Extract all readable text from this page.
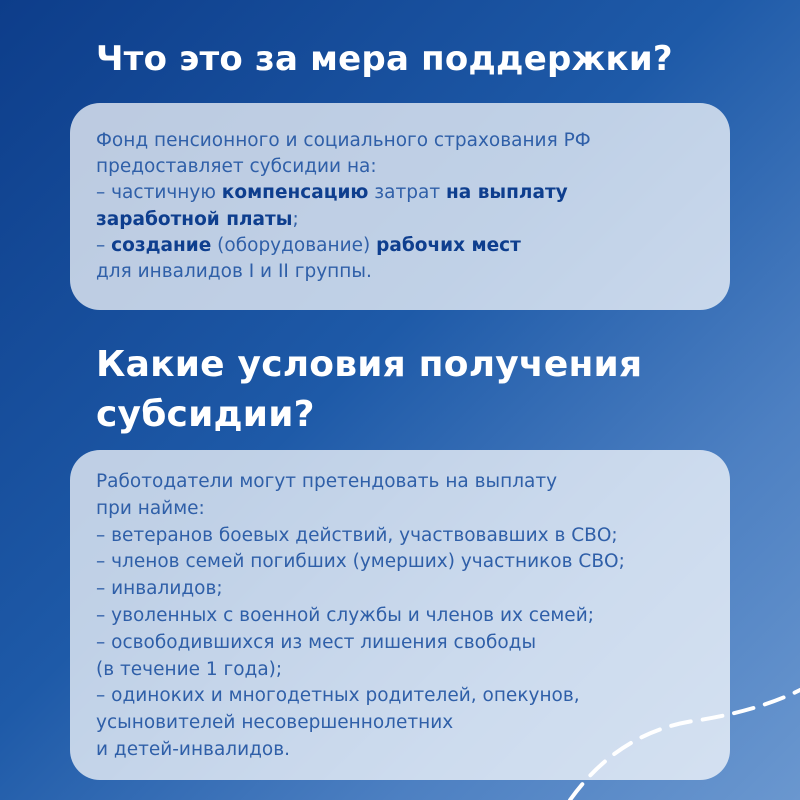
Что это за мера поддержки?
Фонд пенсионного и социального страхования РФ
предоставляет субсидии на:
– частичную компенсацию затрат на выплату
заработной платы;
– создание (оборудование) рабочих мест
для инвалидов I и II группы.
Какие условия получения
субсидии?
Работодатели могут претендовать на выплату
при найме:
– ветеранов боевых действий, участвовавших в СВО;
– членов семей погибших (умерших) участников СВО;
– инвалидов;
– уволенных с военной службы и членов их семей;
– освободившихся из мест лишения свободы
(в течение 1 года);
– одиноких и многодетных родителей, опекунов,
усыновителей несовершеннолетних
и детей-инвалидов.
